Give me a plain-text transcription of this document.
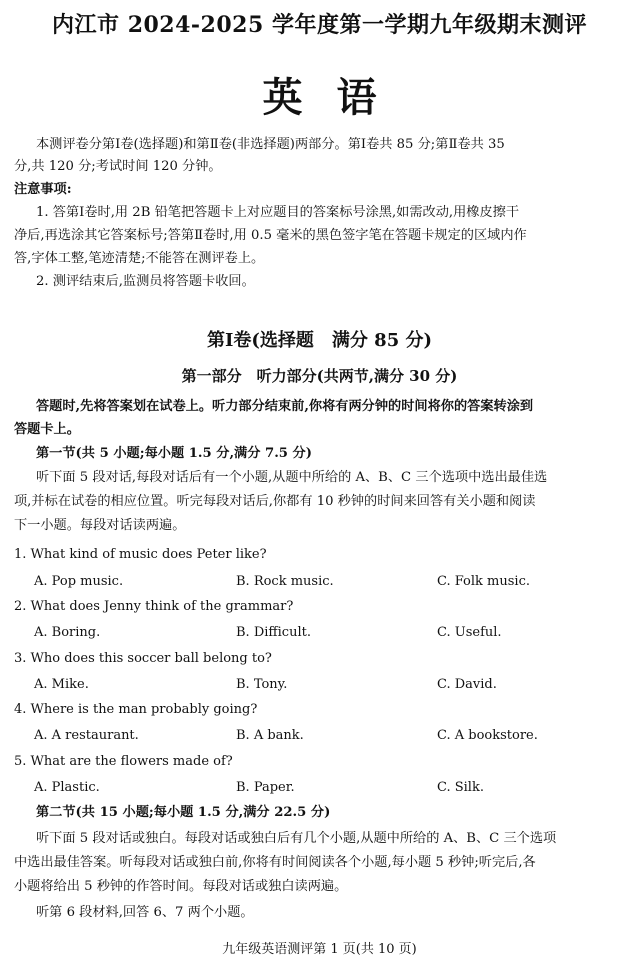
内江市 2024-2025 学年度第一学期九年级期末测评
英语
本测评卷分第Ⅰ卷(选择题)和第Ⅱ卷(非选择题)两部分。第Ⅰ卷共 85 分;第Ⅱ卷共 35
分,共 120 分;考试时间 120 分钟。
注意事项:
1. 答第Ⅰ卷时,用 2B 铅笔把答题卡上对应题目的答案标号涂黑,如需改动,用橡皮擦干
净后,再选涂其它答案标号;答第Ⅱ卷时,用 0.5 毫米的黑色签字笔在答题卡规定的区域内作
答,字体工整,笔迹清楚;不能答在测评卷上。
2. 测评结束后,监测员将答题卡收回。
第Ⅰ卷(选择题　满分 85 分)
第一部分　听力部分(共两节,满分 30 分)
答题时,先将答案划在试卷上。听力部分结束前,你将有两分钟的时间将你的答案转涂到
答题卡上。
第一节(共 5 小题;每小题 1.5 分,满分 7.5 分)
听下面 5 段对话,每段对话后有一个小题,从题中所给的 A、B、C 三个选项中选出最佳选
项,并标在试卷的相应位置。听完每段对话后,你都有 10 秒钟的时间来回答有关小题和阅读
下一小题。每段对话读两遍。
1. What kind of music does Peter like?
A. Pop music.	B. Rock music.	C. Folk music.
2. What does Jenny think of the grammar?
A. Boring.	B. Difficult.	C. Useful.
3. Who does this soccer ball belong to?
A. Mike.	B. Tony.	C. David.
4. Where is the man probably going?
A. A restaurant.	B. A bank.	C. A bookstore.
5. What are the flowers made of?
A. Plastic.	B. Paper.	C. Silk.
第二节(共 15 小题;每小题 1.5 分,满分 22.5 分)
听下面 5 段对话或独白。每段对话或独白后有几个小题,从题中所给的 A、B、C 三个选项
中选出最佳答案。听每段对话或独白前,你将有时间阅读各个小题,每小题 5 秒钟;听完后,各
小题将给出 5 秒钟的作答时间。每段对话或独白读两遍。
听第 6 段材料,回答 6、7 两个小题。
九年级英语测评第 1 页(共 10 页)
